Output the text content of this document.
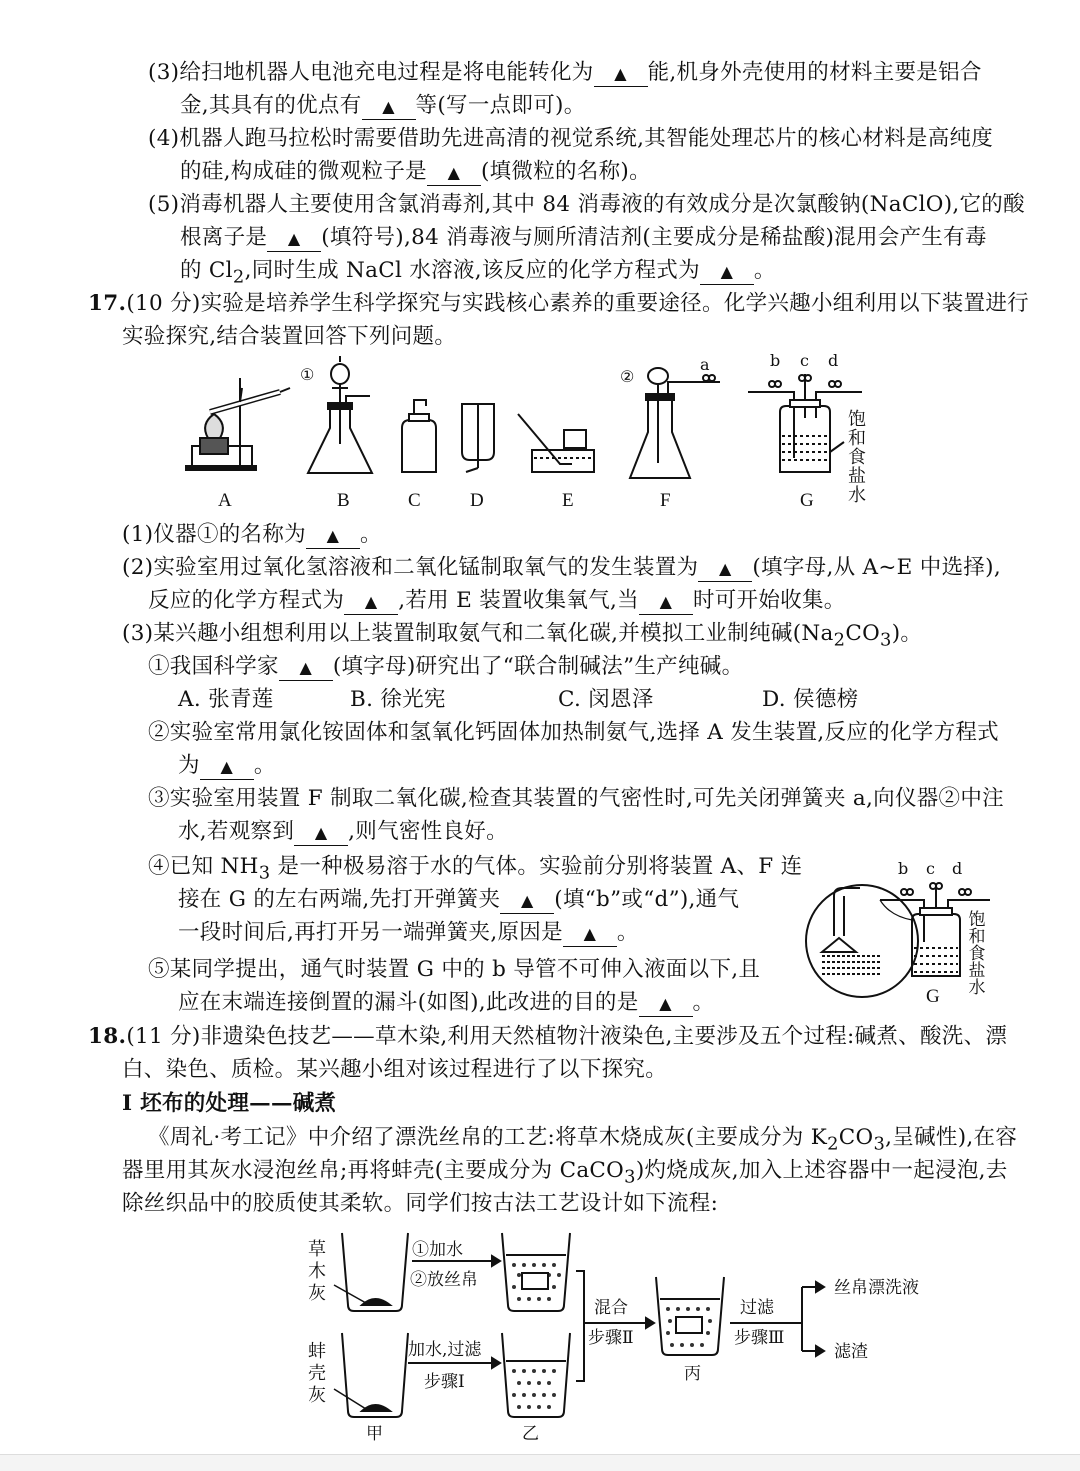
(3)给扫地机器人电池充电过程是将电能转化为 ▲ 能,机身外壳使用的材料主要是铝合
金,其具有的优点有 ▲ 等(写一点即可)。
(4)机器人跑马拉松时需要借助先进高清的视觉系统,其智能处理芯片的核心材料是高纯度
的硅,构成硅的微观粒子是 ▲ (填微粒的名称)。
(5)消毒机器人主要使用含氯消毒剂,其中 84 消毒液的有效成分是次氯酸钠(NaClO),它的酸
根离子是 ▲ (填符号),84 消毒液与厕所清洁剂(主要成分是稀盐酸)混用会产生有毒
的 $Cl_2$,同时生成 NaCl 水溶液,该反应的化学方程式为 ▲ 。
17.(10 分)实验是培养学生科学探究与实践核心素养的重要途径。化学兴趣小组利用以下装置进行
实验探究,结合装置回答下列问题。
①	②
a	b c d
饱
和
食
盐
水
A	B	C	D	E	F	G
(1)仪器①的名称为 ▲ 。
(2)实验室用过氧化氢溶液和二氧化锰制取氧气的发生装置为 ▲ (填字母,从 A~E 中选择),
反应的化学方程式为 ▲ ,若用 E 装置收集氧气,当 ▲ 时可开始收集。
(3)某兴趣小组想利用以上装置制取氨气和二氧化碳,并模拟工业制纯碱$(Na_2CO_3)$。
①我国科学家 ▲ (填字母)研究出了“联合制碱法”生产纯碱。
A. 张青莲	B. 徐光宪	C. 闵恩泽	D. 侯德榜
②实验室常用氯化铵固体和氢氧化钙固体加热制氨气,选择 A 发生装置,反应的化学方程式
为 ▲ 。
③实验室用装置 F 制取二氧化碳,检查其装置的气密性时,可先关闭弹簧夹 a,向仪器②中注
水,若观察到 ▲ ,则气密性良好。
④已知 $NH_3$ 是一种极易溶于水的气体。实验前分别将装置 A、F 连
接在 G 的左右两端,先打开弹簧夹 ▲ (填“b”或“d”),通气
一段时间后,再打开另一端弹簧夹,原因是 ▲ 。
⑤某同学提出，通气时装置 G 中的 b 导管不可伸入液面以下,且
应在末端连接倒置的漏斗(如图),此改进的目的是 ▲ 。
b c d
饱
和
食
盐
水
G
18.(11 分)非遗染色技艺——草木染,利用天然植物汁液染色,主要涉及五个过程:碱煮、酸洗、漂
白、染色、质检。某兴趣小组对该过程进行了以下探究。
Ⅰ 坯布的处理——碱煮
《周礼·考工记》中介绍了漂洗丝帛的工艺:将草木烧成灰(主要成分为 $K_2CO_3$,呈碱性),在容
器里用其灰水浸泡丝帛;再将蚌壳(主要成分为 CaCO$_3$)灼烧成灰,加入上述容器中一起浸泡,去
除丝织品中的胶质使其柔软。同学们按古法工艺设计如下流程:
草
木
灰
蚌
壳
灰
①加水
②放丝帛
甲
加水,过滤
步骤Ⅰ
乙
混合
步骤Ⅱ
丙
过滤
步骤Ⅲ
丝帛漂洗液
滤渣
